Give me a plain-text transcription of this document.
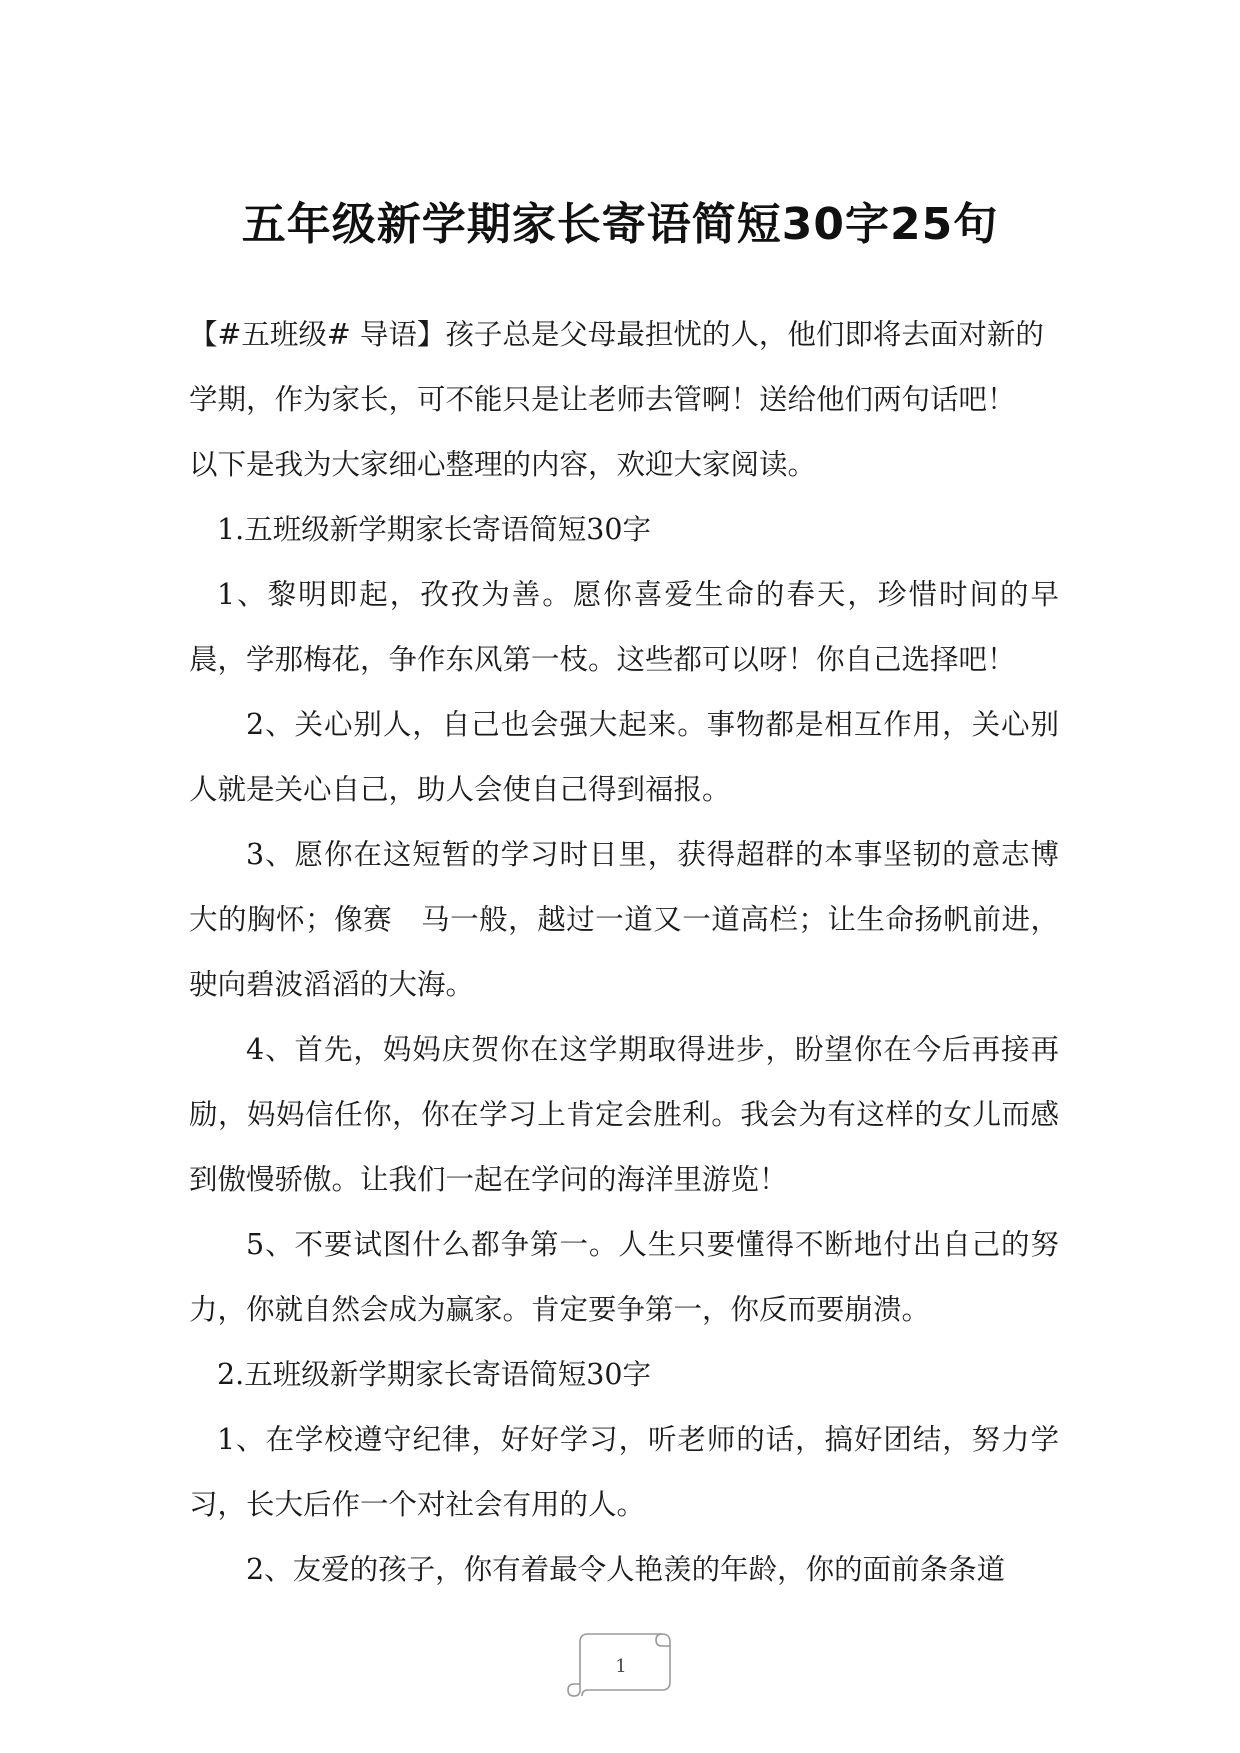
五年级新学期家长寄语简短30字25句

【#五班级# 导语】孩子总是父母最担忧的人，他们即将去面对新的

学期，作为家长，可不能只是让老师去管啊！送给他们两句话吧！

以下是我为大家细心整理的内容，欢迎大家阅读。

1.五班级新学期家长寄语简短30字

1、黎明即起，孜孜为善。愿你喜爱生命的春天，珍惜时间的早晨，学那梅花，争作东风第一枝。这些都可以呀！你自己选择吧！

2、关心别人，自己也会强大起来。事物都是相互作用，关心别人就是关心自己，助人会使自己得到福报。

3、愿你在这短暂的学习时日里，获得超群的本事坚韧的意志博大的胸怀；像赛　马一般，越过一道又一道高栏；让生命扬帆前进，驶向碧波滔滔的大海。

4、首先，妈妈庆贺你在这学期取得进步，盼望你在今后再接再励，妈妈信任你，你在学习上肯定会胜利。我会为有这样的女儿而感到傲慢骄傲。让我们一起在学问的海洋里游览！

5、不要试图什么都争第一。人生只要懂得不断地付出自己的努力，你就自然会成为赢家。肯定要争第一，你反而要崩溃。

2.五班级新学期家长寄语简短30字

1、在学校遵守纪律，好好学习，听老师的话，搞好团结，努力学习，长大后作一个对社会有用的人。

2、友爱的孩子，你有着最令人艳羡的年龄，你的面前条条道

1
